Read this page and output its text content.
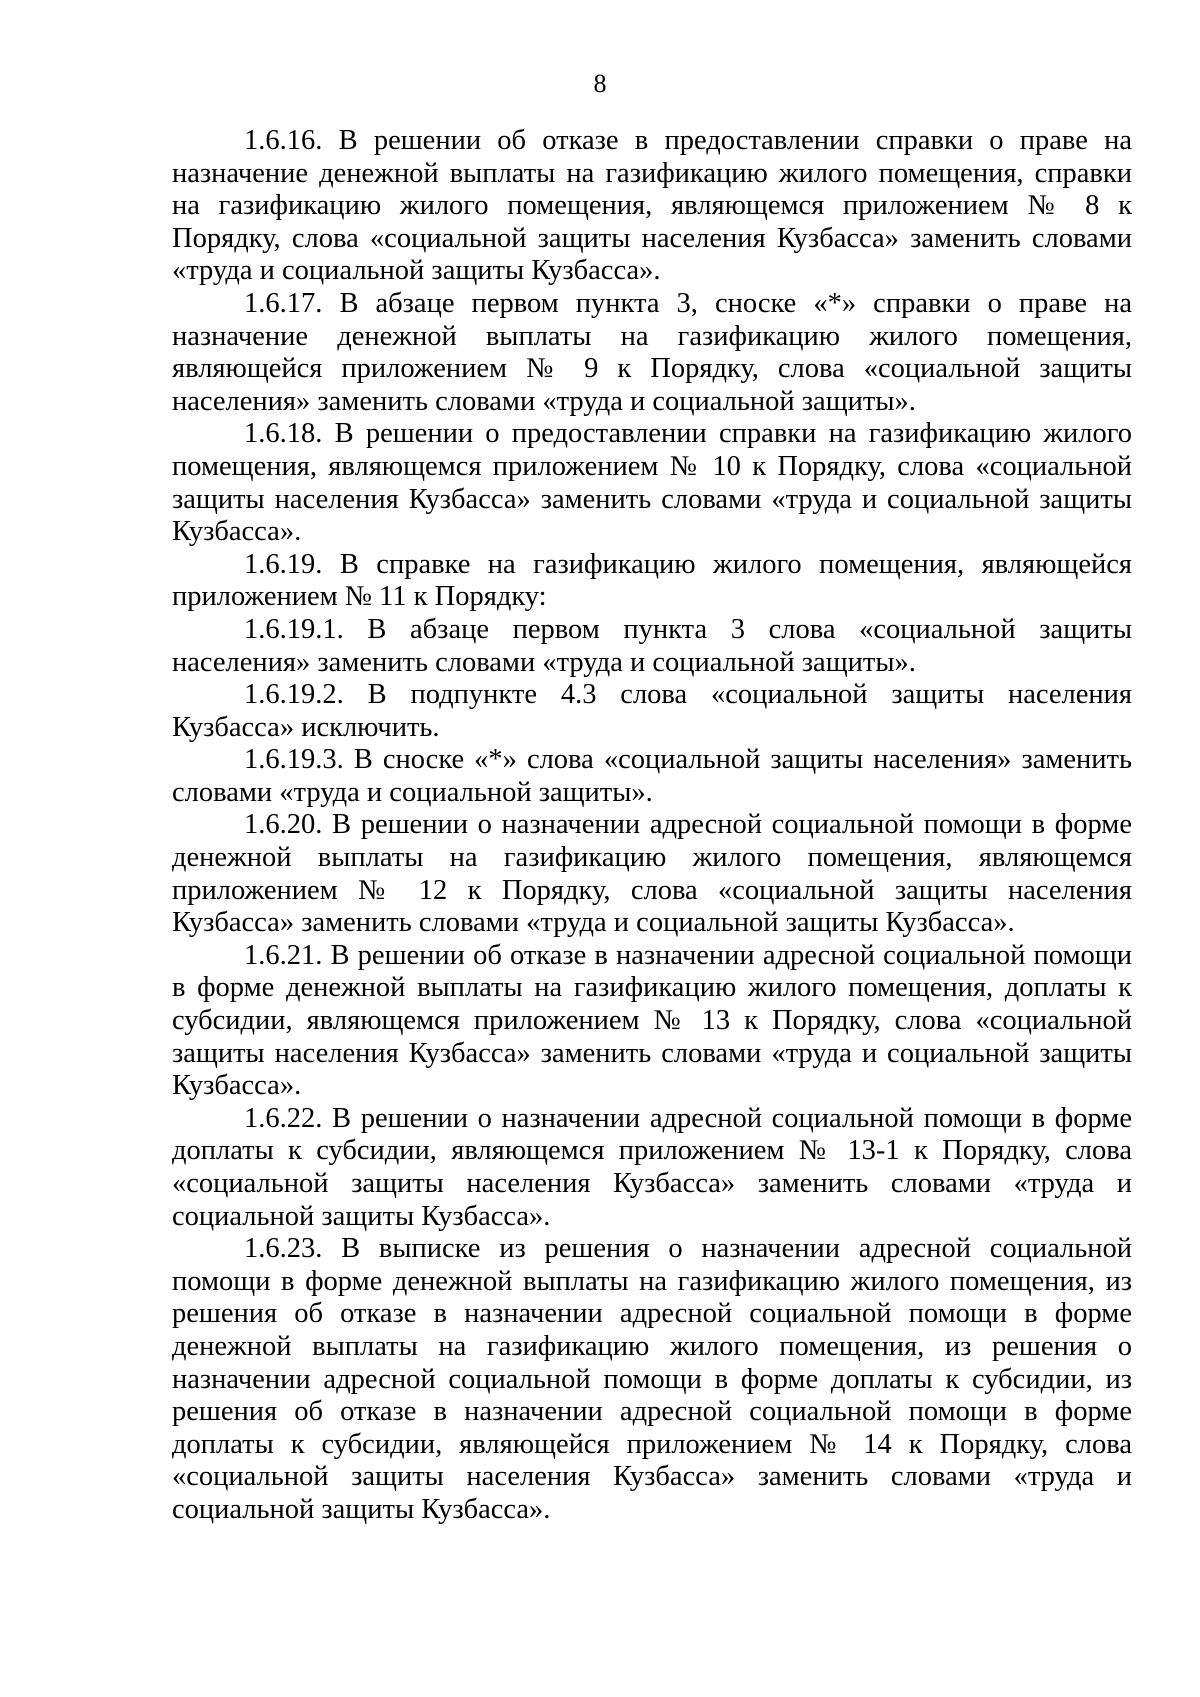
8

1.6.16. В решении об отказе в предоставлении справки о праве на назначение денежной выплаты на газификацию жилого помещения, справки на газификацию жилого помещения, являющемся приложением № 8 к Порядку, слова «социальной защиты населения Кузбасса» заменить словами «труда и социальной защиты Кузбасса».

1.6.17. В абзаце первом пункта 3, сноске «*» справки о праве на назначение денежной выплаты на газификацию жилого помещения, являющейся приложением № 9 к Порядку, слова «социальной защиты населения» заменить словами «труда и социальной защиты».

1.6.18. В решении о предоставлении справки на газификацию жилого помещения, являющемся приложением № 10 к Порядку, слова «социальной защиты населения Кузбасса» заменить словами «труда и социальной защиты Кузбасса».

1.6.19. В справке на газификацию жилого помещения, являющейся приложением № 11 к Порядку:

1.6.19.1. В абзаце первом пункта 3 слова «социальной защиты населения» заменить словами «труда и социальной защиты».

1.6.19.2. В подпункте 4.3 слова «социальной защиты населения Кузбасса» исключить.

1.6.19.3. В сноске «*» слова «социальной защиты населения» заменить словами «труда и социальной защиты».

1.6.20. В решении о назначении адресной социальной помощи в форме денежной выплаты на газификацию жилого помещения, являющемся приложением № 12 к Порядку, слова «социальной защиты населения Кузбасса» заменить словами «труда и социальной защиты Кузбасса».

1.6.21. В решении об отказе в назначении адресной социальной помощи в форме денежной выплаты на газификацию жилого помещения, доплаты к субсидии, являющемся приложением № 13 к Порядку, слова «социальной защиты населения Кузбасса» заменить словами «труда и социальной защиты Кузбасса».

1.6.22. В решении о назначении адресной социальной помощи в форме доплаты к субсидии, являющемся приложением № 13-1 к Порядку, слова «социальной защиты населения Кузбасса» заменить словами «труда и социальной защиты Кузбасса».

1.6.23. В выписке из решения о назначении адресной социальной помощи в форме денежной выплаты на газификацию жилого помещения, из решения об отказе в назначении адресной социальной помощи в форме денежной выплаты на газификацию жилого помещения, из решения о назначении адресной социальной помощи в форме доплаты к субсидии, из решения об отказе в назначении адресной социальной помощи в форме доплаты к субсидии, являющейся приложением № 14 к Порядку, слова «социальной защиты населения Кузбасса» заменить словами «труда и социальной защиты Кузбасса».
